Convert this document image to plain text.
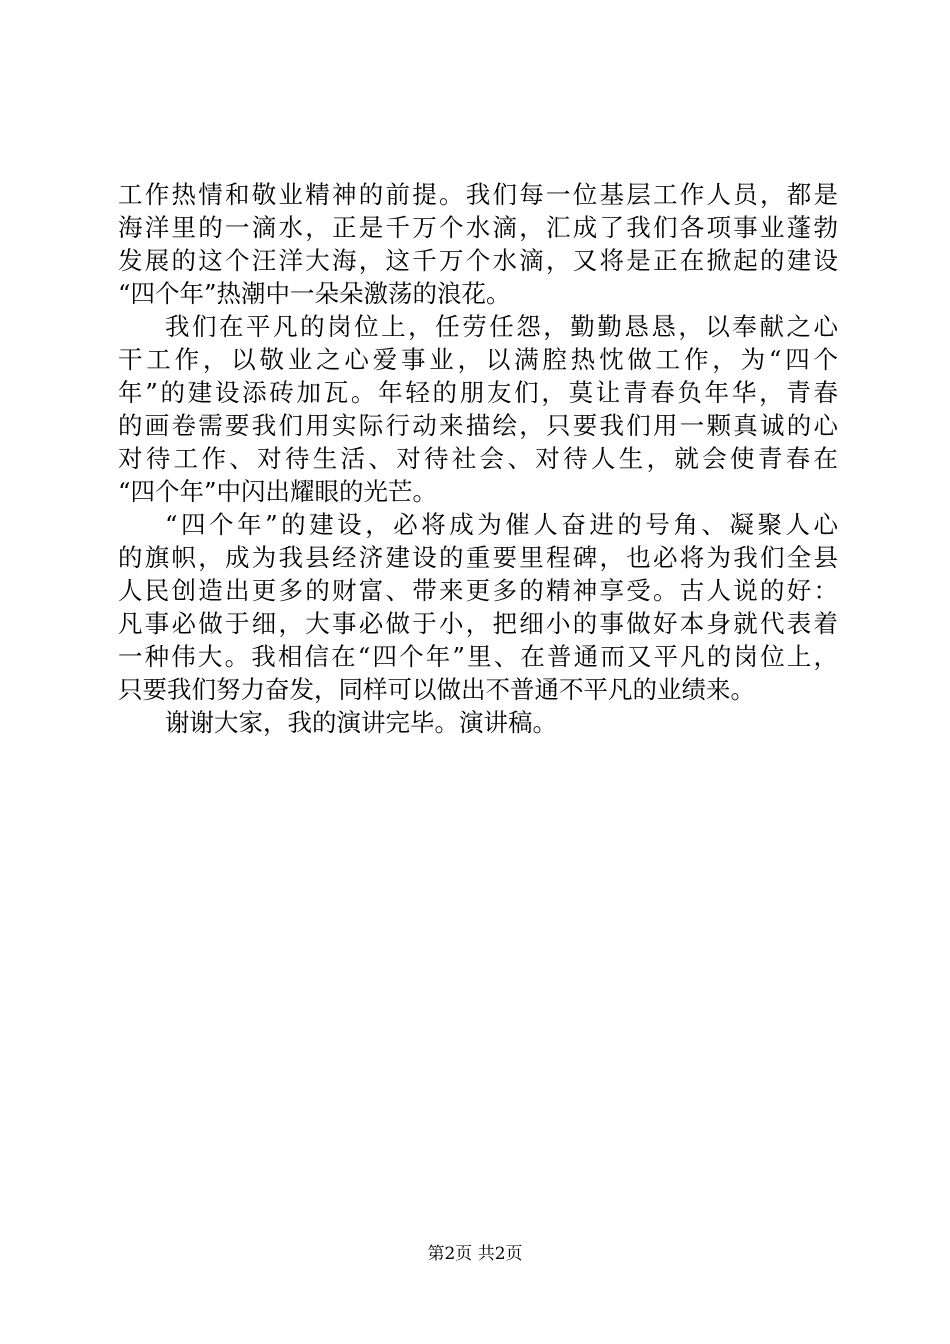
工作热情和敬业精神的前提。我们每一位基层工作人员，都是
海洋里的一滴水，正是千万个水滴，汇成了我们各项事业蓬勃
发展的这个汪洋大海，这千万个水滴，又将是正在掀起的建设
“四个年”热潮中一朵朵激荡的浪花。
我们在平凡的岗位上，任劳任怨，勤勤恳恳，以奉献之心
干工作，以敬业之心爱事业，以满腔热忱做工作，为“四个
年”的建设添砖加瓦。年轻的朋友们，莫让青春负年华，青春
的画卷需要我们用实际行动来描绘，只要我们用一颗真诚的心
对待工作、对待生活、对待社会、对待人生，就会使青春在
“四个年”中闪出耀眼的光芒。
“四个年”的建设，必将成为催人奋进的号角、凝聚人心
的旗帜，成为我县经济建设的重要里程碑，也必将为我们全县
人民创造出更多的财富、带来更多的精神享受。古人说的好：
凡事必做于细，大事必做于小，把细小的事做好本身就代表着
一种伟大。我相信在“四个年”里、在普通而又平凡的岗位上，
只要我们努力奋发，同样可以做出不普通不平凡的业绩来。
谢谢大家，我的演讲完毕。演讲稿。
第2页 共2页
